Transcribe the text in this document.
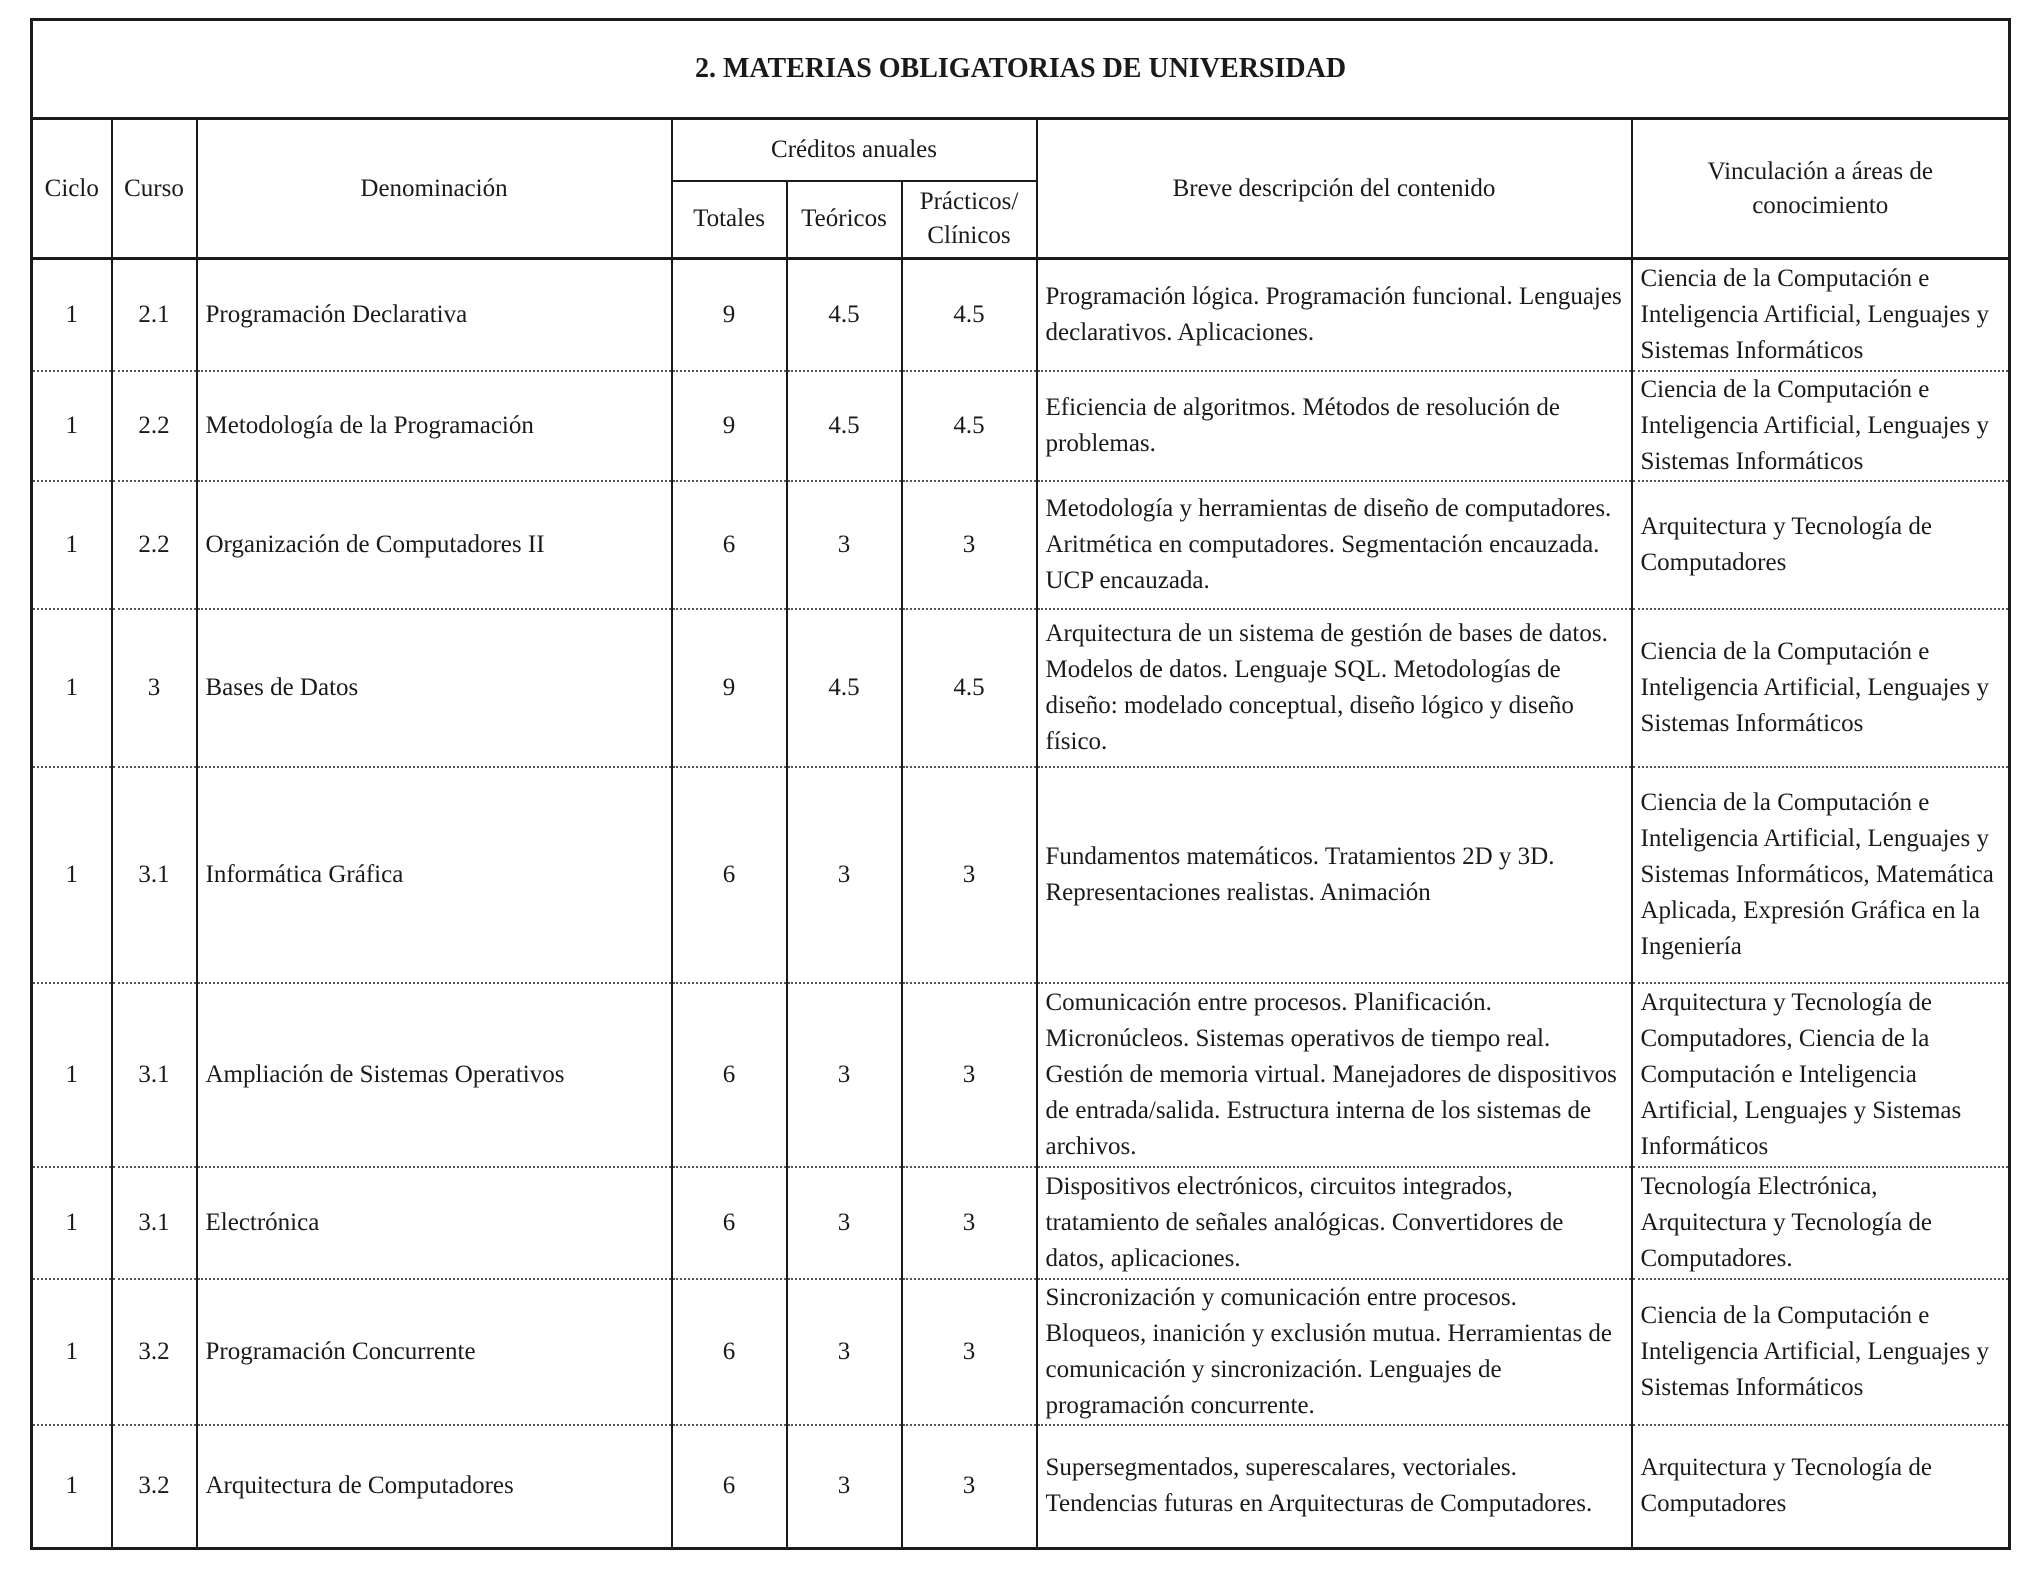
2. MATERIAS OBLIGATORIAS DE UNIVERSIDAD							
Ciclo	Curso	Denominación	Créditos anuales			Breve descripción del contenido	Vinculación a áreas de conocimiento
			Totales	Teóricos	Prácticos/ Clínicos		
1	2.1	Programación Declarativa	9	4.5	4.5	Programación lógica. Programación funcional. Lenguajes declarativos. Aplicaciones.	Ciencia de la Computación e Inteligencia Artificial, Lenguajes y Sistemas Informáticos
1	2.2	Metodología de la Programación	9	4.5	4.5	Eficiencia de algoritmos. Métodos de resolución de problemas.	Ciencia de la Computación e Inteligencia Artificial, Lenguajes y Sistemas Informáticos
1	2.2	Organización de Computadores II	6	3	3	Metodología y herramientas de diseño de computadores. Aritmética en computadores. Segmentación encauzada. UCP encauzada.	Arquitectura y Tecnología de Computadores
1	3	Bases de Datos	9	4.5	4.5	Arquitectura de un sistema de gestión de bases de datos. Modelos de datos. Lenguaje SQL. Metodologías de diseño: modelado conceptual, diseño lógico y diseño físico.	Ciencia de la Computación e Inteligencia Artificial, Lenguajes y Sistemas Informáticos
1	3.1	Informática Gráfica	6	3	3	Fundamentos matemáticos. Tratamientos 2D y 3D. Representaciones realistas. Animación	Ciencia de la Computación e Inteligencia Artificial, Lenguajes y Sistemas Informáticos, Matemática Aplicada, Expresión Gráfica en la Ingeniería
1	3.1	Ampliación de Sistemas Operativos	6	3	3	Comunicación entre procesos. Planificación. Micronúcleos. Sistemas operativos de tiempo real. Gestión de memoria virtual. Manejadores de dispositivos de entrada/salida. Estructura interna de los sistemas de archivos.	Arquitectura y Tecnología de Computadores, Ciencia de la Computación e Inteligencia Artificial, Lenguajes y Sistemas Informáticos
1	3.1	Electrónica	6	3	3	Dispositivos electrónicos, circuitos integrados, tratamiento de señales analógicas. Convertidores de datos, aplicaciones.	Tecnología Electrónica, Arquitectura y Tecnología de Computadores.
1	3.2	Programación Concurrente	6	3	3	Sincronización y comunicación entre procesos. Bloqueos, inanición y exclusión mutua. Herramientas de comunicación y sincronización. Lenguajes de programación concurrente.	Ciencia de la Computación e Inteligencia Artificial, Lenguajes y Sistemas Informáticos
1	3.2	Arquitectura de Computadores	6	3	3	Supersegmentados, superescalares, vectoriales. Tendencias futuras en Arquitecturas de Computadores.	Arquitectura y Tecnología de Computadores
